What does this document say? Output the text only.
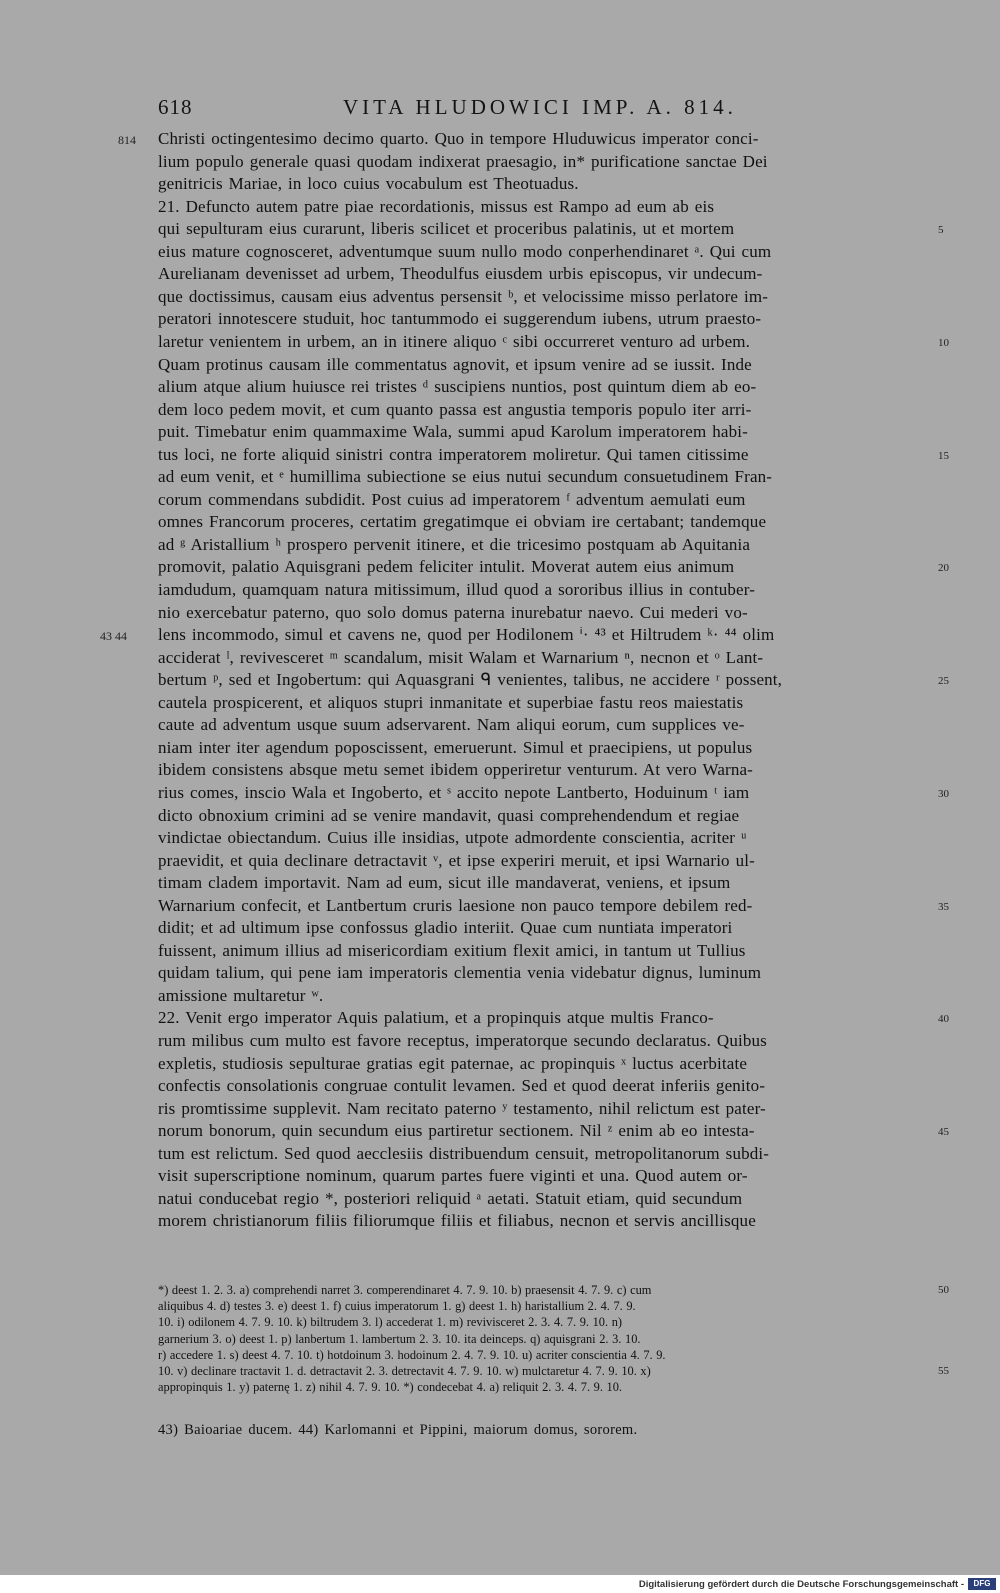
618	VITA HLUDOWICI IMP. A. 814.
Christi octingentesimo decimo quarto. Quo in tempore Hluduwicus imperator conci-
814
lium populo generale quasi quodam indixerat praesagio, in* purificatione sanctae Dei
genitricis Mariae, in loco cuius vocabulum est Theotuadus.
21. Defuncto autem patre piae recordationis, missus est Rampo ad eum ab eis
qui sepulturam eius curarunt, liberis scilicet et proceribus palatinis, ut et mortem	5
eius mature cognosceret, adventumque suum nullo modo conperhendinaret ᵃ. Qui cum
Aurelianam devenisset ad urbem, Theodulfus eiusdem urbis episcopus, vir undecum-
que doctissimus, causam eius adventus persensit ᵇ, et velocissime misso perlatore im-
peratori innotescere studuit, hoc tantummodo ei suggerendum iubens, utrum praesto-
laretur venientem in urbem, an in itinere aliquo ᶜ sibi occurreret venturo ad urbem.	10
Quam protinus causam ille commentatus agnovit, et ipsum venire ad se iussit. Inde
alium atque alium huiusce rei tristes ᵈ suscipiens nuntios, post quintum diem ab eo-
dem loco pedem movit, et cum quanto passa est angustia temporis populo iter arri-
puit. Timebatur enim quammaxime Wala, summi apud Karolum imperatorem habi-
tus loci, ne forte aliquid sinistri contra imperatorem moliretur. Qui tamen citissime	15
ad eum venit, et ᵉ humillima subiectione se eius nutui secundum consuetudinem Fran-
corum commendans subdidit. Post cuius ad imperatorem ᶠ adventum aemulati eum
omnes Francorum proceres, certatim gregatimque ei obviam ire certabant; tandemque
ad ᵍ Aristallium ʰ prospero pervenit itinere, et die tricesimo postquam ab Aquitania
promovit, palatio Aquisgrani pedem feliciter intulit. Moverat autem eius animum	20
iamdudum, quamquam natura mitissimum, illud quod a sororibus illius in contuber-
nio exercebatur paterno, quo solo domus paterna inurebatur naevo. Cui mederi vo-
lens incommodo, simul et cavens ne, quod per Hodilonem ⁱ· ⁴³ et Hiltrudem ᵏ· ⁴⁴ olim
43 44
acciderat ˡ, revivesceret ᵐ scandalum, misit Walam et Warnarium ⁿ, necnon et ᵒ Lant-
bertum ᵖ, sed et Ingobertum: qui Aquasgrani ᑫ venientes, talibus, ne accidere ʳ possent,	25
cautela prospicerent, et aliquos stupri inmanitate et superbiae fastu reos maiestatis
caute ad adventum usque suum adservarent. Nam aliqui eorum, cum supplices ve-
niam inter iter agendum poposcissent, emeruerunt. Simul et praecipiens, ut populus
ibidem consistens absque metu semet ibidem opperiretur venturum. At vero Warna-
rius comes, inscio Wala et Ingoberto, et ˢ accito nepote Lantberto, Hoduinum ᵗ iam	30
dicto obnoxium crimini ad se venire mandavit, quasi comprehendendum et regiae
vindictae obiectandum. Cuius ille insidias, utpote admordente conscientia, acriter ᵘ
praevidit, et quia declinare detractavit ᵛ, et ipse experiri meruit, et ipsi Warnario ul-
timam cladem importavit. Nam ad eum, sicut ille mandaverat, veniens, et ipsum
Warnarium confecit, et Lantbertum cruris laesione non pauco tempore debilem red-	35
didit; et ad ultimum ipse confossus gladio interiit. Quae cum nuntiata imperatori
fuissent, animum illius ad misericordiam exitium flexit amici, in tantum ut Tullius
quidam talium, qui pene iam imperatoris clementia venia videbatur dignus, luminum
amissione multaretur ʷ.
22. Venit ergo imperator Aquis palatium, et a propinquis atque multis Franco-	40
rum milibus cum multo est favore receptus, imperatorque secundo declaratus. Quibus
expletis, studiosis sepulturae gratias egit paternae, ac propinquis ˣ luctus acerbitate
confectis consolationis congruae contulit levamen. Sed et quod deerat inferiis genito-
ris promtissime supplevit. Nam recitato paterno ʸ testamento, nihil relictum est pater-
norum bonorum, quin secundum eius partiretur sectionem. Nil ᶻ enim ab eo intesta-	45
tum est relictum. Sed quod aecclesiis distribuendum censuit, metropolitanorum subdi-
visit superscriptione nominum, quarum partes fuere viginti et una. Quod autem or-
natui conducebat regio *, posteriori reliquid ᵃ aetati. Statuit etiam, quid secundum
morem christianorum filiis filiorumque filiis et filiabus, necnon et servis ancillisque
*) deest 1. 2. 3. a) comprehendi narret 3. comperendinaret 4. 7. 9. 10. b) praesensit 4. 7. 9. c) cum	50
aliquibus 4. d) testes 3. e) deest 1. f) cuius imperatorum 1. g) deest 1. h) haristallium 2. 4. 7. 9.
10. i) odilonem 4. 7. 9. 10. k) biltrudem 3. l) accederat 1. m) revivisceret 2. 3. 4. 7. 9. 10. n)
garnerium 3. o) deest 1. p) lanbertum 1. lambertum 2. 3. 10. ita deinceps. q) aquisgrani 2. 3. 10.
r) accedere 1. s) deest 4. 7. 10. t) hotdoinum 3. hodoinum 2. 4. 7. 9. 10. u) acriter conscientia 4. 7. 9.
10. v) declinare tractavit 1. d. detractavit 2. 3. detrectavit 4. 7. 9. 10. w) mulctaretur 4. 7. 9. 10. x)	55
appropinquis 1. y) paternę 1. z) nihil 4. 7. 9. 10. *) condecebat 4. a) reliquit 2. 3. 4. 7. 9. 10.
43) Baioariae ducem. 44) Karlomanni et Pippini, maiorum domus, sororem.
Digitalisierung gefördert durch die Deutsche Forschungsgemeinschaft -	DFG
